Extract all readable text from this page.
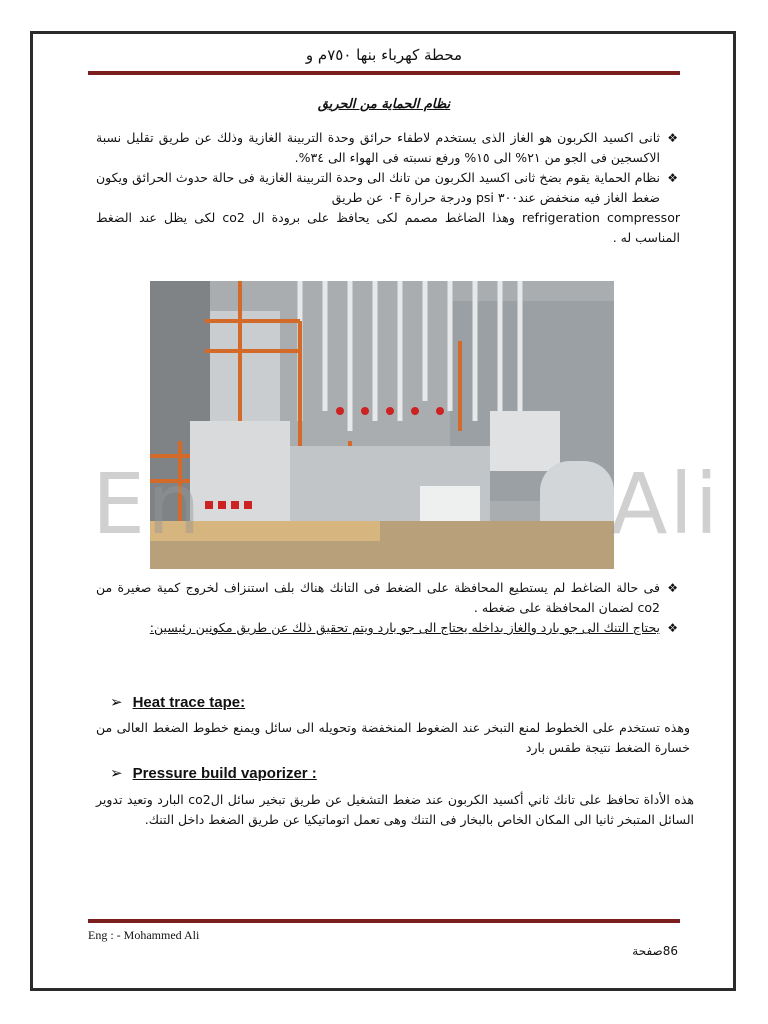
محطة كهرباء بنها ٧٥٠م و
نظام الحماية من الحريق
❖
ثانى اكسيد الكربون هو الغاز الذى يستخدم لاطفاء حرائق وحدة التربينة الغازية وذلك عن طريق تقليل نسبة الاكسجين فى الجو من ٢١% الى ١٥% ورفع نسبته فى الهواء الى ٣٤%.
❖
نظام الحماية يقوم بضخ ثانى اكسيد الكربون من تانك الى وحدة التربينة الغازية فى حالة حدوث الحرائق ويكون ضغط الغاز فيه منخفض عند٣٠٠ psi ودرجة حرارة ٠F عن طريق
refrigeration compressor وهذا الضاغط مصمم لكى يحافظ على برودة ال co2 لكى يظل عند الضغط المناسب له .
En	Ali
❖
فى حالة الضاغط لم يستطيع المحافظة على الضغط فى التانك هناك بلف استنزاف لخروج كمية صغيرة من co2 لضمان المحافظة على ضغطه .
❖
يحتاج التنك الى جو بارد والغاز بداخله يحتاج الى جو بارد ويتم تحقيق ذلك عن طريق مكونين رئيسين:
➢ Heat trace tape:
وهذه تستخدم على الخطوط لمنع التبخر عند الضغوط المنخفضة وتحويله الى سائل ويمنع خطوط الضغط العالى من خسارة الضغط نتيجة طقس بارد
➢ Pressure build vaporizer :
هذه الأداة تحافظ على تانك ثاني أكسيد الكربون عند ضغط التشغيل عن طريق تبخير سائل الco2 البارد وتعيد تدوير السائل المتبخر ثانيا الى المكان الخاص بالبخار فى التنك وهى تعمل اتوماتيكيا عن طريق الضغط داخل التنك.
Eng : - Mohammed Ali
86صفحة
